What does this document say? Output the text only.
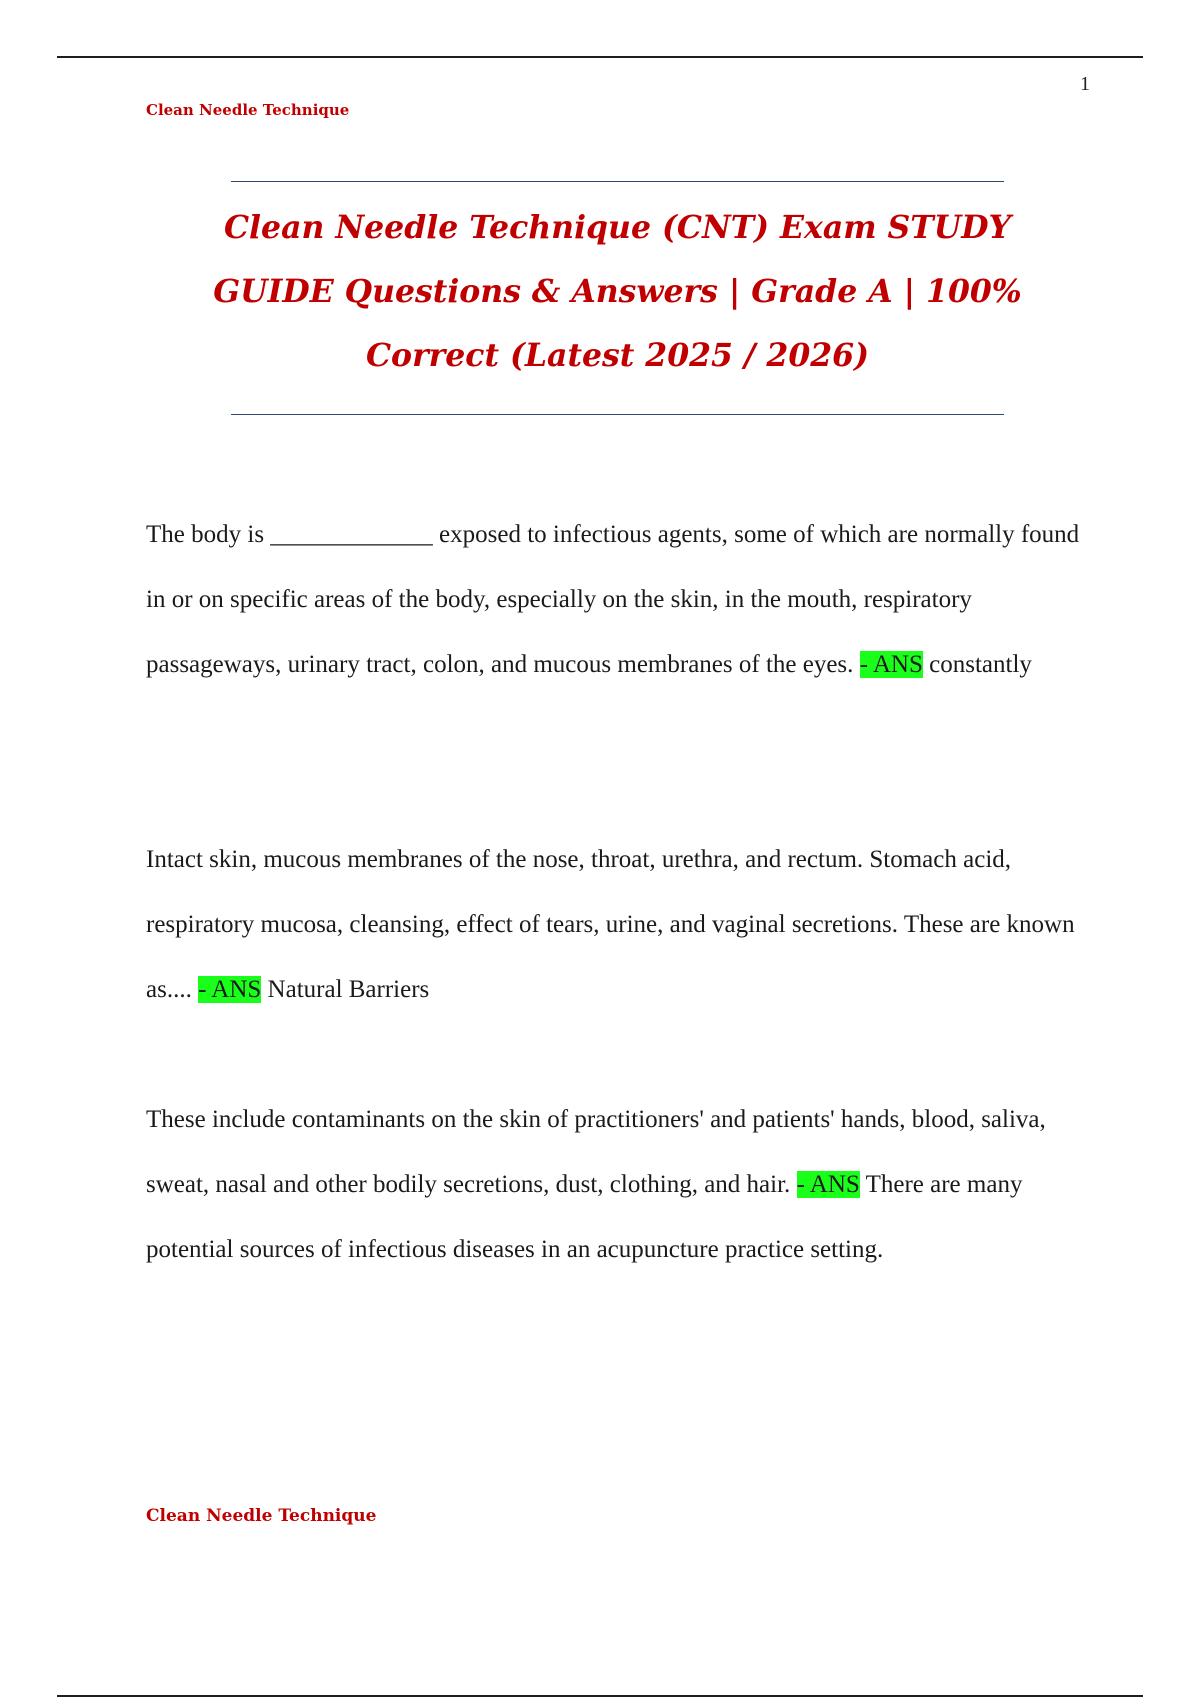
1
Clean Needle Technique
Clean Needle Technique (CNT) Exam STUDY GUIDE Questions & Answers | Grade A | 100% Correct (Latest 2025 / 2026)
The body is _____________ exposed to infectious agents, some of which are normally found in or on specific areas of the body, especially on the skin, in the mouth, respiratory passageways, urinary tract, colon, and mucous membranes of the eyes. - ANS constantly
Intact skin, mucous membranes of the nose, throat, urethra, and rectum. Stomach acid, respiratory mucosa, cleansing, effect of tears, urine, and vaginal secretions. These are known as.... - ANS Natural Barriers
These include contaminants on the skin of practitioners' and patients' hands, blood, saliva, sweat, nasal and other bodily secretions, dust, clothing, and hair. - ANS There are many potential sources of infectious diseases in an acupuncture practice setting.
Clean Needle Technique
